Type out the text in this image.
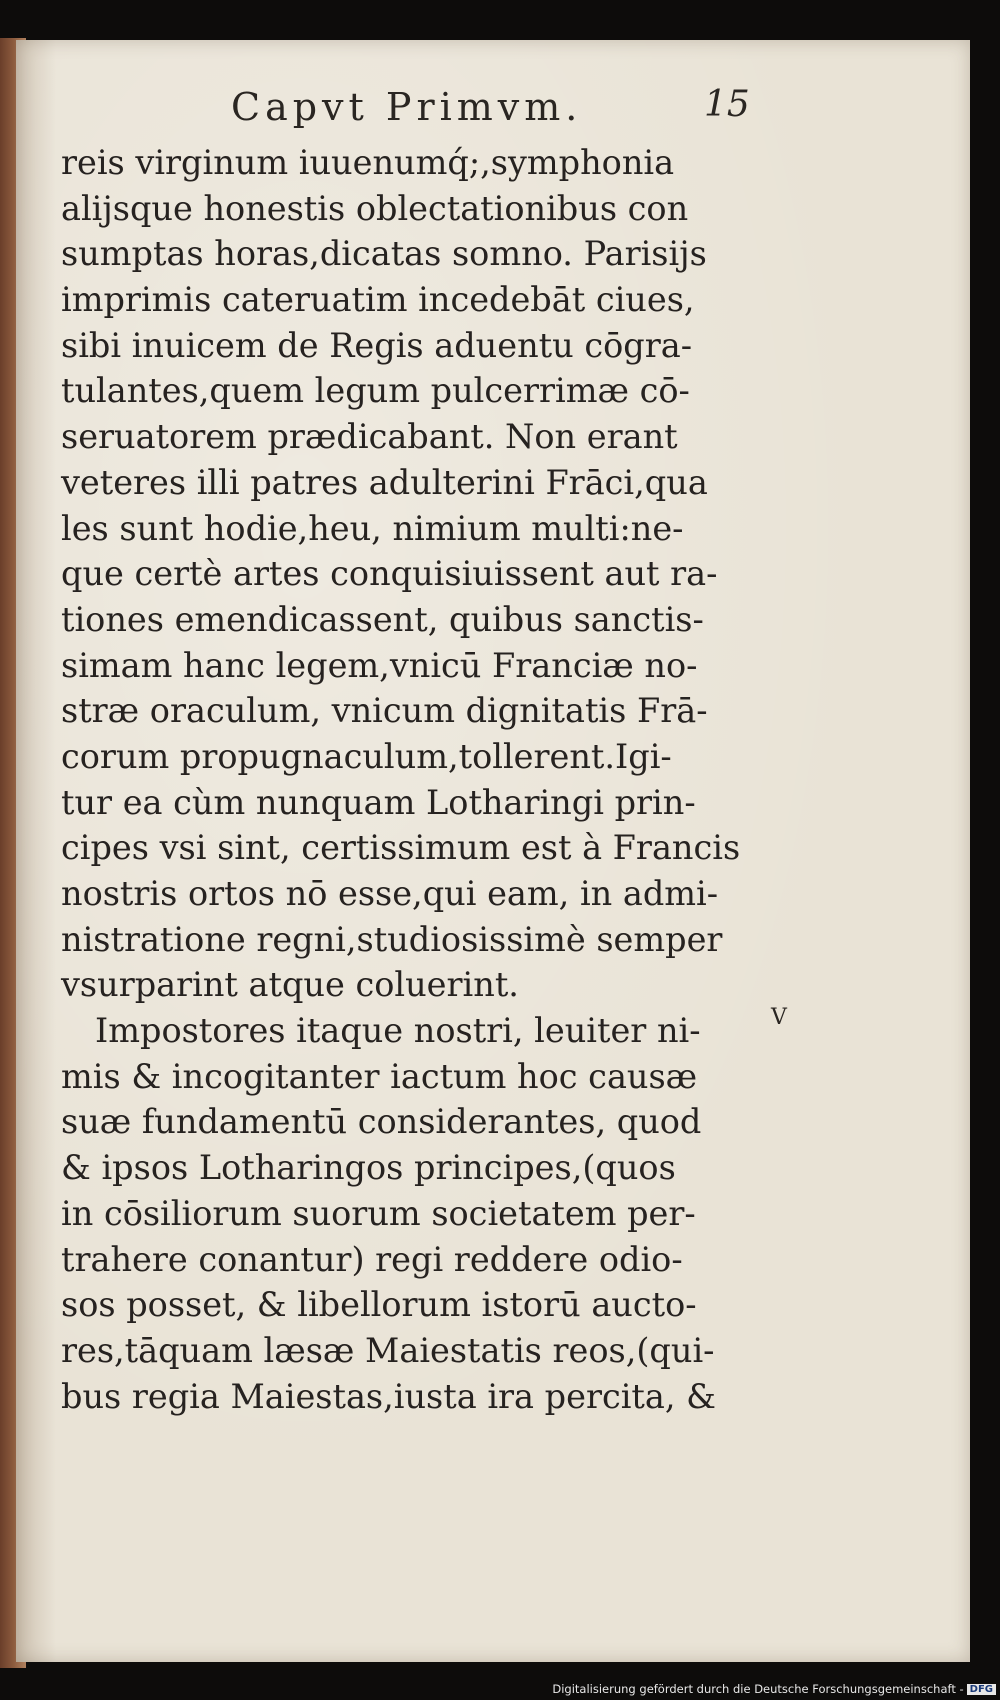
Capvt Primvm.	15
reis virginum iuuenumq́;,symphonia
alijsque honestis oblectationibus con
sumptas horas,dicatas somno. Parisijs
imprimis cateruatim incedebāt ciues,
sibi inuicem de Regis aduentu cōgra-
tulantes,quem legum pulcerrimæ cō-
seruatorem prædicabant. Non erant
veteres illi patres adulterini Frāci,qua
les sunt hodie,heu, nimium multi:ne-
que certè artes conquisiuissent aut ra-
tiones emendicassent, quibus sanctis-
simam hanc legem,vnicū Franciæ no-
stræ oraculum, vnicum dignitatis Frā-
corum propugnaculum,tollerent.Igi-
tur ea cùm nunquam Lotharingi prin-
cipes vsi sint, certissimum est à Francis
nostris ortos nō esse,qui eam, in admi-
nistratione regni,studiosissimè semper
vsurparint atque coluerint.
Impostores itaque nostri, leuiter ni-
mis & incogitanter iactum hoc causæ
suæ fundamentū considerantes, quod
& ipsos Lotharingos principes,(quos
in cōsiliorum suorum societatem per-
trahere conantur) regi reddere odio-
sos posset, & libellorum istorū aucto-
res,tāquam læsæ Maiestatis reos,(qui-
bus regia Maiestas,iusta ira percita, &
V
Digitalisierung gefördert durch die Deutsche Forschungsgemeinschaft - DFG
